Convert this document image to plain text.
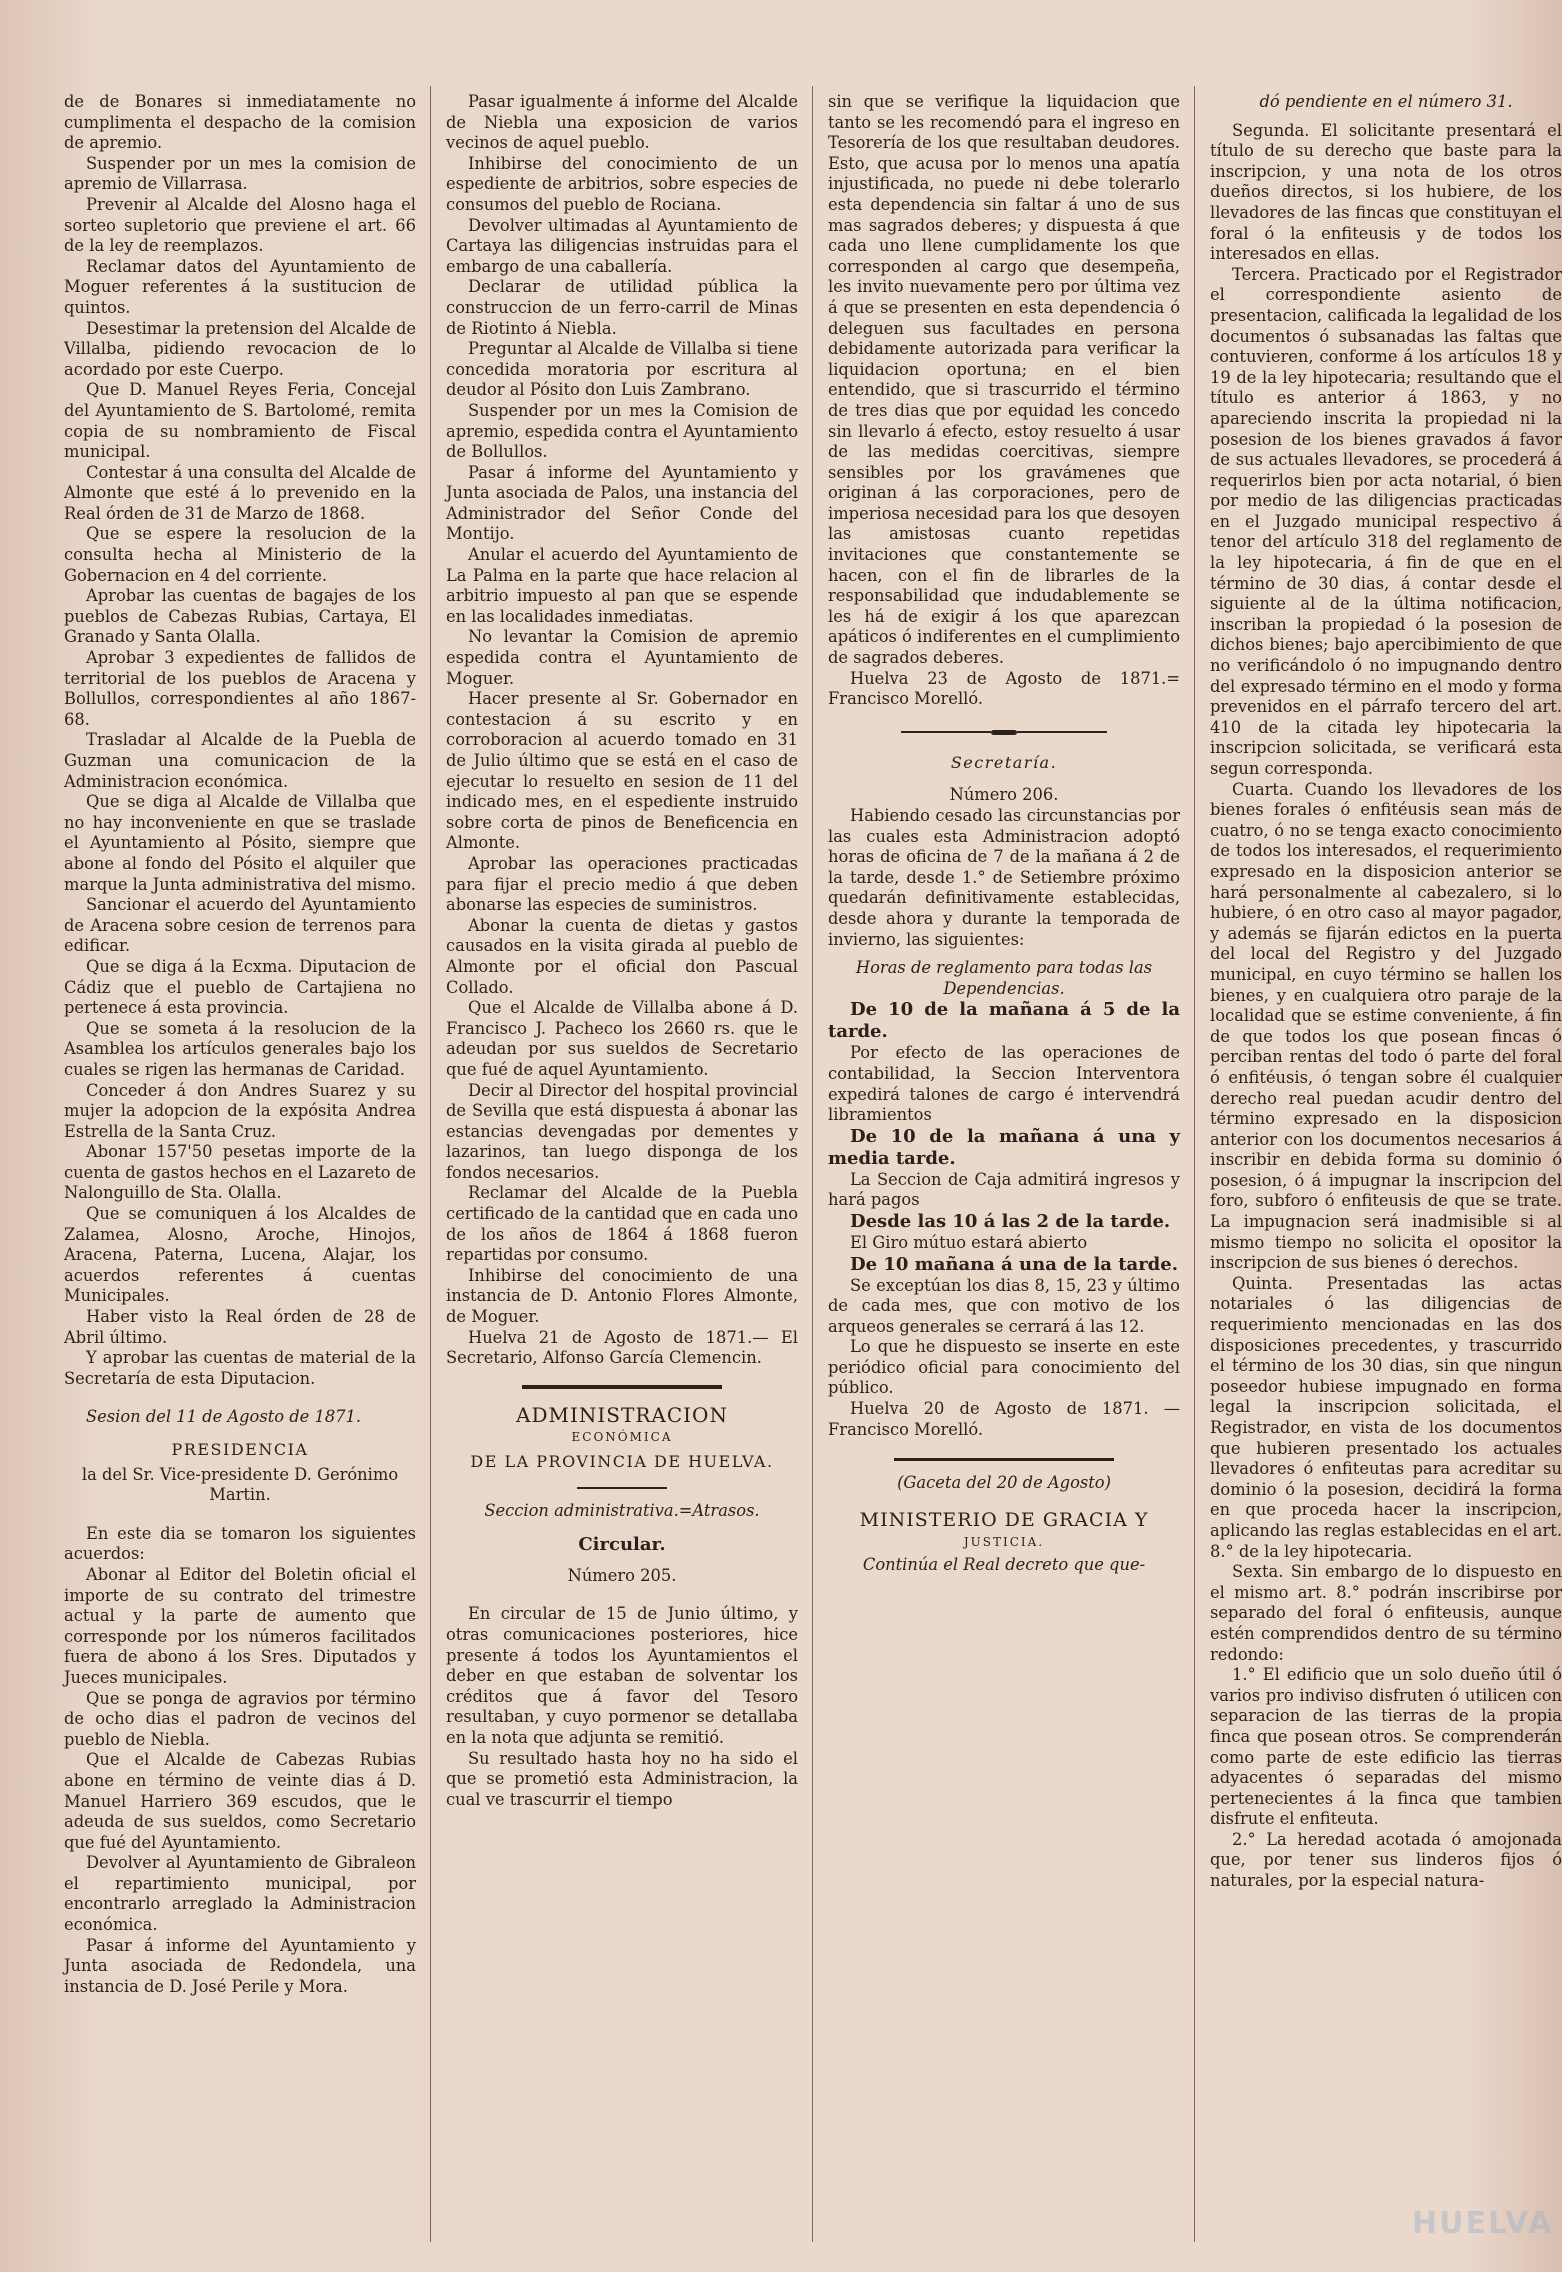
de de Bonares si inmediatamente no cumplimenta el despacho de la comision de apremio.

Suspender por un mes la comision de apremio de Villarrasa.

Prevenir al Alcalde del Alosno haga el sorteo supletorio que previene el art. 66 de la ley de reemplazos.

Reclamar datos del Ayuntamiento de Moguer referentes á la sustitucion de quintos.

Desestimar la pretension del Alcalde de Villalba, pidiendo revocacion de lo acordado por este Cuerpo.

Que D. Manuel Reyes Feria, Concejal del Ayuntamiento de S. Bartolomé, remita copia de su nombramiento de Fiscal municipal.

Contestar á una consulta del Alcalde de Almonte que esté á lo prevenido en la Real órden de 31 de Marzo de 1868.

Que se espere la resolucion de la consulta hecha al Ministerio de la Gobernacion en 4 del corriente.

Aprobar las cuentas de bagajes de los pueblos de Cabezas Rubias, Cartaya, El Granado y Santa Olalla.

Aprobar 3 expedientes de fallidos de territorial de los pueblos de Aracena y Bollullos, correspondientes al año 1867-68.

Trasladar al Alcalde de la Puebla de Guzman una comunicacion de la Administracion económica.

Que se diga al Alcalde de Villalba que no hay inconveniente en que se traslade el Ayuntamiento al Pósito, siempre que abone al fondo del Pósito el alquiler que marque la Junta administrativa del mismo.

Sancionar el acuerdo del Ayuntamiento de Aracena sobre cesion de terrenos para edificar.

Que se diga á la Ecxma. Diputacion de Cádiz que el pueblo de Cartajiena no pertenece á esta provincia.

Que se someta á la resolucion de la Asamblea los artículos generales bajo los cuales se rigen las hermanas de Caridad.

Conceder á don Andres Suarez y su mujer la adopcion de la expósita Andrea Estrella de la Santa Cruz.

Abonar 157'50 pesetas importe de la cuenta de gastos hechos en el Lazareto de Nalonguillo de Sta. Olalla.

Que se comuniquen á los Alcaldes de Zalamea, Alosno, Aroche, Hinojos, Aracena, Paterna, Lucena, Alajar, los acuerdos referentes á cuentas Municipales.

Haber visto la Real órden de 28 de Abril último.

Y aprobar las cuentas de material de la Secretaría de esta Diputacion.

Sesion del 11 de Agosto de 1871.

PRESIDENCIA

la del Sr. Vice-presidente D. Gerónimo Martin.

En este dia se tomaron los siguientes acuerdos:

Abonar al Editor del Boletin oficial el importe de su contrato del trimestre actual y la parte de aumento que corresponde por los números facilitados fuera de abono á los Sres. Diputados y Jueces municipales.

Que se ponga de agravios por término de ocho dias el padron de vecinos del pueblo de Niebla.

Que el Alcalde de Cabezas Rubias abone en término de veinte dias á D. Manuel Harriero 369 escudos, que le adeuda de sus sueldos, como Secretario que fué del Ayuntamiento.

Devolver al Ayuntamiento de Gibraleon el repartimiento municipal, por encontrarlo arreglado la Administracion económica.

Pasar á informe del Ayuntamiento y Junta asociada de Redondela, una instancia de D. José Perile y Mora.

Pasar igualmente á informe del Alcalde de Niebla una exposicion de varios vecinos de aquel pueblo.

Inhibirse del conocimiento de un espediente de arbitrios, sobre especies de consumos del pueblo de Rociana.

Devolver ultimadas al Ayuntamiento de Cartaya las diligencias instruidas para el embargo de una caballería.

Declarar de utilidad pública la construccion de un ferro-carril de Minas de Riotinto á Niebla.

Preguntar al Alcalde de Villalba si tiene concedida moratoria por escritura al deudor al Pósito don Luis Zambrano.

Suspender por un mes la Comision de apremio, espedida contra el Ayuntamiento de Bollullos.

Pasar á informe del Ayuntamiento y Junta asociada de Palos, una instancia del Administrador del Señor Conde del Montijo.

Anular el acuerdo del Ayuntamiento de La Palma en la parte que hace relacion al arbitrio impuesto al pan que se espende en las localidades inmediatas.

No levantar la Comision de apremio espedida contra el Ayuntamiento de Moguer.

Hacer presente al Sr. Gobernador en contestacion á su escrito y en corroboracion al acuerdo tomado en 31 de Julio último que se está en el caso de ejecutar lo resuelto en sesion de 11 del indicado mes, en el espediente instruido sobre corta de pinos de Beneficencia en Almonte.

Aprobar las operaciones practicadas para fijar el precio medio á que deben abonarse las especies de suministros.

Abonar la cuenta de dietas y gastos causados en la visita girada al pueblo de Almonte por el oficial don Pascual Collado.

Que el Alcalde de Villalba abone á D. Francisco J. Pacheco los 2660 rs. que le adeudan por sus sueldos de Secretario que fué de aquel Ayuntamiento.

Decir al Director del hospital provincial de Sevilla que está dispuesta á abonar las estancias devengadas por dementes y lazarinos, tan luego disponga de los fondos necesarios.

Reclamar del Alcalde de la Puebla certificado de la cantidad que en cada uno de los años de 1864 á 1868 fueron repartidas por consumo.

Inhibirse del conocimiento de una instancia de D. Antonio Flores Almonte, de Moguer.

Huelva 21 de Agosto de 1871.— El Secretario, Alfonso García Clemencin.

ADMINISTRACION
ECONÓMICA
DE LA PROVINCIA DE HUELVA.

Seccion administrativa.=Atrasos.

Circular.

Número 205.

En circular de 15 de Junio último, y otras comunicaciones posteriores, hice presente á todos los Ayuntamientos el deber en que estaban de solventar los créditos que á favor del Tesoro resultaban, y cuyo pormenor se detallaba en la nota que adjunta se remitió.

Su resultado hasta hoy no ha sido el que se prometió esta Administracion, la cual ve trascurrir el tiempo

sin que se verifique la liquidacion que tanto se les recomendó para el ingreso en Tesorería de los que resultaban deudores. Esto, que acusa por lo menos una apatía injustificada, no puede ni debe tolerarlo esta dependencia sin faltar á uno de sus mas sagrados deberes; y dispuesta á que cada uno llene cumplidamente los que corresponden al cargo que desempeña, les invito nuevamente pero por última vez á que se presenten en esta dependencia ó deleguen sus facultades en persona debidamente autorizada para verificar la liquidacion oportuna; en el bien entendido, que si trascurrido el término de tres dias que por equidad les concedo sin llevarlo á efecto, estoy resuelto á usar de las medidas coercitivas, siempre sensibles por los gravámenes que originan á las corporaciones, pero de imperiosa necesidad para los que desoyen las amistosas cuanto repetidas invitaciones que constantemente se hacen, con el fin de librarles de la responsabilidad que indudablemente se les há de exigir á los que aparezcan apáticos ó indiferentes en el cumplimiento de sagrados deberes.

Huelva 23 de Agosto de 1871.= Francisco Morelló.

Secretaría.

Número 206.

Habiendo cesado las circunstancias por las cuales esta Administracion adoptó horas de oficina de 7 de la mañana á 2 de la tarde, desde 1.° de Setiembre próximo quedarán definitivamente establecidas, desde ahora y durante la temporada de invierno, las siguientes:

Horas de reglamento para todas las Dependencias.

De 10 de la mañana á 5 de la tarde.

Por efecto de las operaciones de contabilidad, la Seccion Interventora expedirá talones de cargo é intervendrá libramientos

De 10 de la mañana á una y media tarde.

La Seccion de Caja admitirá ingresos y hará pagos

Desde las 10 á las 2 de la tarde.

El Giro mútuo estará abierto

De 10 mañana á una de la tarde.

Se exceptúan los dias 8, 15, 23 y último de cada mes, que con motivo de los arqueos generales se cerrará á las 12.

Lo que he dispuesto se inserte en este periódico oficial para conocimiento del público.

Huelva 20 de Agosto de 1871. — Francisco Morelló.

(Gaceta del 20 de Agosto)

MINISTERIO DE GRACIA Y
JUSTICIA.

Continúa el Real decreto que que-

dó pendiente en el número 31.

Segunda. El solicitante presentará el título de su derecho que baste para la inscripcion, y una nota de los otros dueños directos, si los hubiere, de los llevadores de las fincas que constituyan el foral ó la enfiteusis y de todos los interesados en ellas.

Tercera. Practicado por el Registrador el correspondiente asiento de presentacion, calificada la legalidad de los documentos ó subsanadas las faltas que contuvieren, conforme á los artículos 18 y 19 de la ley hipotecaria; resultando que el título es anterior á 1863, y no apareciendo inscrita la propiedad ni la posesion de los bienes gravados á favor de sus actuales llevadores, se procederá á requerirlos bien por acta notarial, ó bien por medio de las diligencias practicadas en el Juzgado municipal respectivo á tenor del artículo 318 del reglamento de la ley hipotecaria, á fin de que en el término de 30 dias, á contar desde el siguiente al de la última notificacion, inscriban la propiedad ó la posesion de dichos bienes; bajo apercibimiento de que no verificándolo ó no impugnando dentro del expresado término en el modo y forma prevenidos en el párrafo tercero del art. 410 de la citada ley hipotecaria la inscripcion solicitada, se verificará esta segun corresponda.

Cuarta. Cuando los llevadores de los bienes forales ó enfitéusis sean más de cuatro, ó no se tenga exacto conocimiento de todos los interesados, el requerimiento expresado en la disposicion anterior se hará personalmente al cabezalero, si lo hubiere, ó en otro caso al mayor pagador, y además se fijarán edictos en la puerta del local del Registro y del Juzgado municipal, en cuyo término se hallen los bienes, y en cualquiera otro paraje de la localidad que se estime conveniente, á fin de que todos los que posean fincas ó perciban rentas del todo ó parte del foral ó enfitéusis, ó tengan sobre él cualquier derecho real puedan acudir dentro del término expresado en la disposicion anterior con los documentos necesarios á inscribir en debida forma su dominio ó posesion, ó á impugnar la inscripcion del foro, subforo ó enfiteusis de que se trate. La impugnacion será inadmisible si al mismo tiempo no solicita el opositor la inscripcion de sus bienes ó derechos.

Quinta. Presentadas las actas notariales ó las diligencias de requerimiento mencionadas en las dos disposiciones precedentes, y trascurrido el término de los 30 dias, sin que ningun poseedor hubiese impugnado en forma legal la inscripcion solicitada, el Registrador, en vista de los documentos que hubieren presentado los actuales llevadores ó enfiteutas para acreditar su dominio ó la posesion, decidirá la forma en que proceda hacer la inscripcion, aplicando las reglas establecidas en el art. 8.° de la ley hipotecaria.

Sexta. Sin embargo de lo dispuesto en el mismo art. 8.° podrán inscribirse por separado del foral ó enfiteusis, aunque estén comprendidos dentro de su término redondo:

1.° El edificio que un solo dueño útil ó varios pro indiviso disfruten ó utilicen con separacion de las tierras de la propia finca que posean otros. Se comprenderán como parte de este edificio las tierras adyacentes ó separadas del mismo pertenecientes á la finca que tambien disfrute el enfiteuta.

2.° La heredad acotada ó amojonada que, por tener sus linderos fijos ó naturales, por la especial natura-

HUELVA
